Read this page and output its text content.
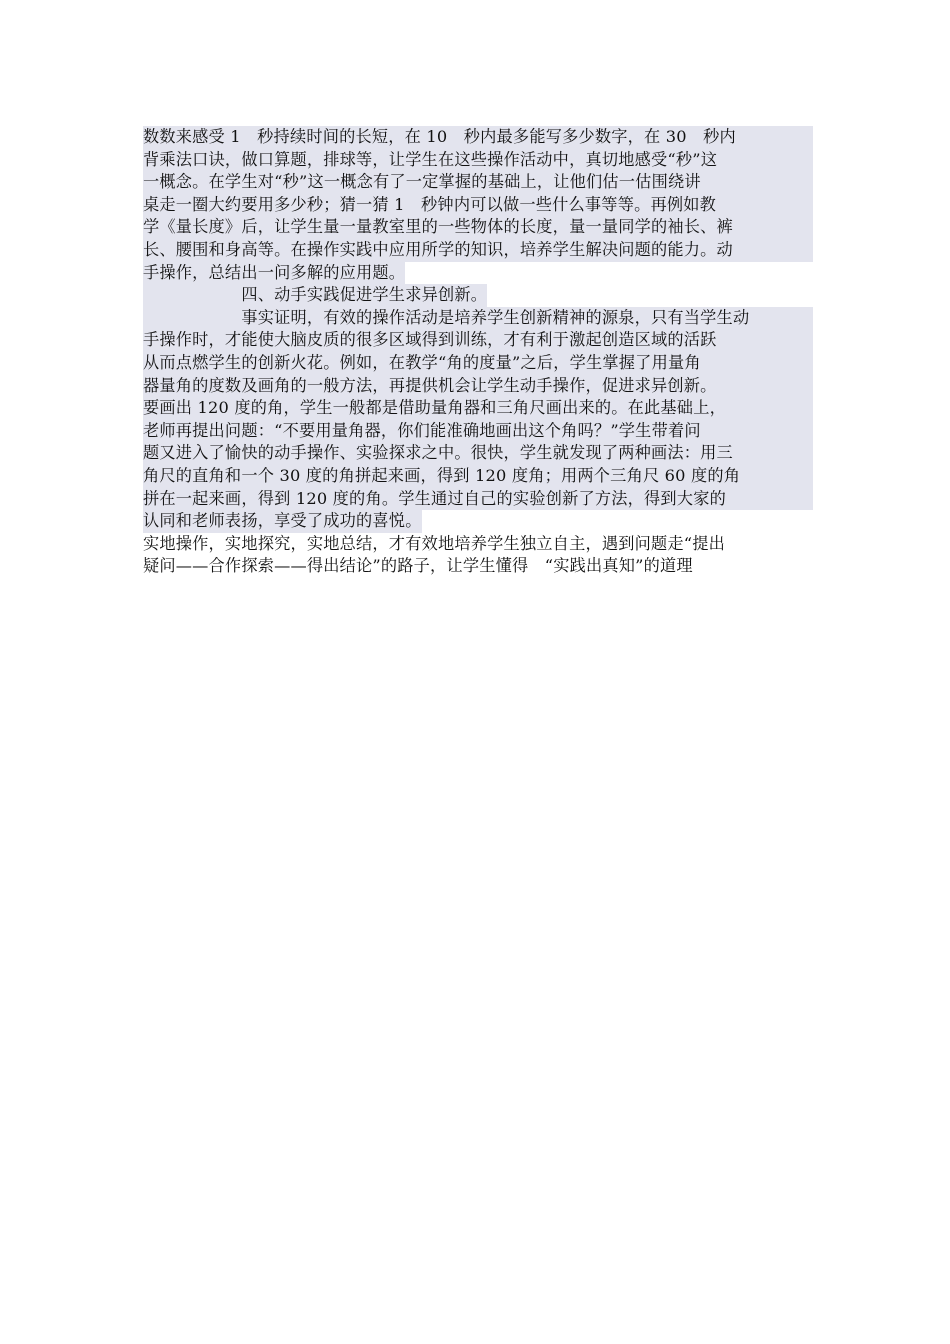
数数来感受 1　秒持续时间的长短，在 10　秒内最多能写多少数字，在 30　秒内
背乘法口诀，做口算题，排球等，让学生在这些操作活动中，真切地感受“秒”这
一概念。在学生对“秒”这一概念有了一定掌握的基础上，让他们估一估围绕讲
桌走一圈大约要用多少秒；猜一猜 1　秒钟内可以做一些什么事等等。再例如教
学《量长度》后，让学生量一量教室里的一些物体的长度，量一量同学的袖长、裤
长、腰围和身高等。在操作实践中应用所学的知识，培养学生解决问题的能力。动
手操作，总结出一问多解的应用题。
　　　　　　四、动手实践促进学生求异创新。
　　　　　　事实证明，有效的操作活动是培养学生创新精神的源泉，只有当学生动
手操作时，才能使大脑皮质的很多区域得到训练，才有利于激起创造区域的活跃
从而点燃学生的创新火花。例如，在教学“角的度量”之后，学生掌握了用量角
器量角的度数及画角的一般方法，再提供机会让学生动手操作，促进求异创新。
要画出 120 度的角，学生一般都是借助量角器和三角尺画出来的。在此基础上，
老师再提出问题：“不要用量角器，你们能准确地画出这个角吗？”学生带着问
题又进入了愉快的动手操作、实验探求之中。很快，学生就发现了两种画法：用三
角尺的直角和一个 30 度的角拼起来画，得到 120 度角；用两个三角尺 60 度的角
拼在一起来画，得到 120 度的角。学生通过自己的实验创新了方法，得到大家的
认同和老师表扬，享受了成功的喜悦。
实地操作，实地探究，实地总结，才有效地培养学生独立自主，遇到问题走“提出
疑问——合作探索——得出结论”的路子，让学生懂得　“实践出真知”的道理
